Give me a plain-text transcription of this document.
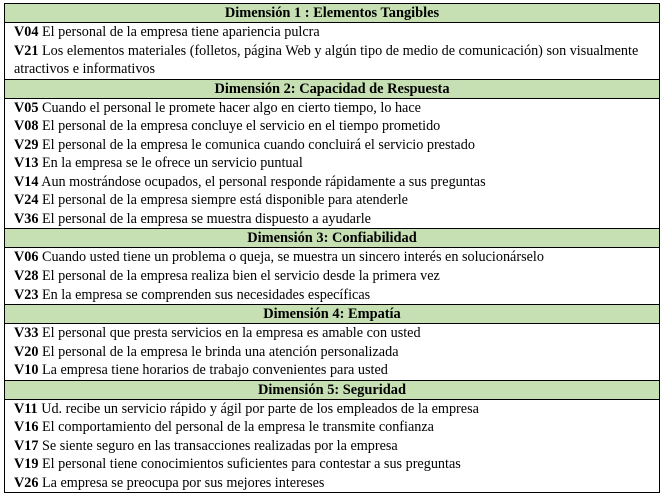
Dimensión 1 : Elementos Tangibles
V04 El personal de la empresa tiene apariencia pulcra
V21 Los elementos materiales (folletos, página Web y algún tipo de medio de comunicación) son visualmente atractivos e informativos
Dimensión 2: Capacidad de Respuesta
V05 Cuando el personal le promete hacer algo en cierto tiempo, lo hace
V08 El personal de la empresa concluye el servicio en el tiempo prometido
V29 El personal de la empresa le comunica cuando concluirá el servicio prestado
V13 En la empresa se le ofrece un servicio puntual
V14 Aun mostrándose ocupados, el personal responde rápidamente a sus preguntas
V24 El personal de la empresa siempre está disponible para atenderle
V36 El personal de la empresa se muestra dispuesto a ayudarle
Dimensión 3: Confiabilidad
V06 Cuando usted tiene un problema o queja, se muestra un sincero interés en solucionárselo
V28 El personal de la empresa realiza bien el servicio desde la primera vez
V23 En la empresa se comprenden sus necesidades específicas
Dimensión 4: Empatía
V33 El personal que presta servicios en la empresa es amable con usted
V20 El personal de la empresa le brinda una atención personalizada
V10 La empresa tiene horarios de trabajo convenientes para usted
Dimensión 5: Seguridad
V11 Ud. recibe un servicio rápido y ágil por parte de los empleados de la empresa
V16 El comportamiento del personal de la empresa le transmite confianza
V17 Se siente seguro en las transacciones realizadas por la empresa
V19 El personal tiene conocimientos suficientes para contestar a sus preguntas
V26 La empresa se preocupa por sus mejores intereses
